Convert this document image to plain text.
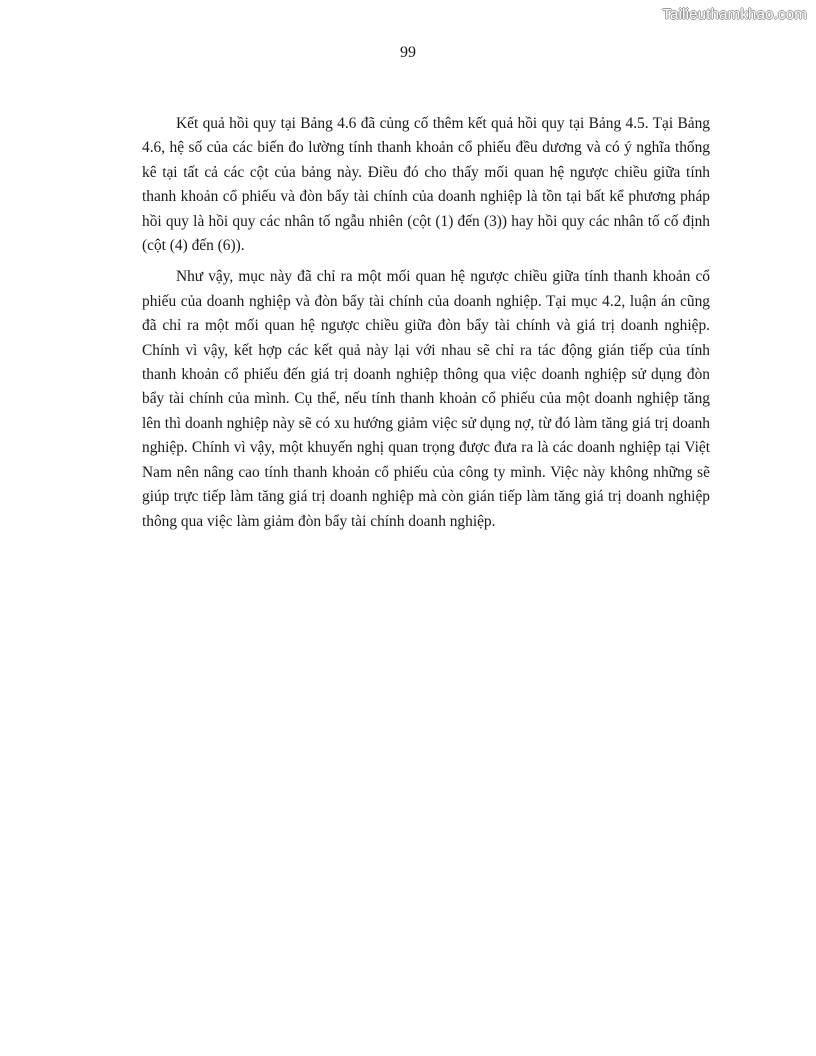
Tailieuthamkhao.com
99

Kết quả hồi quy tại Bảng 4.6 đã củng cố thêm kết quả hồi quy tại Bảng 4.5. Tại Bảng 4.6, hệ số của các biến đo lường tính thanh khoản cổ phiếu đều dương và có ý nghĩa thống kê tại tất cả các cột của bảng này. Điều đó cho thấy mối quan hệ ngược chiều giữa tính thanh khoản cổ phiếu và đòn bẩy tài chính của doanh nghiệp là tồn tại bất kể phương pháp hồi quy là hồi quy các nhân tố ngẫu nhiên (cột (1) đến (3)) hay hồi quy các nhân tố cố định (cột (4) đến (6)).

Như vậy, mục này đã chỉ ra một mối quan hệ ngược chiều giữa tính thanh khoản cổ phiếu của doanh nghiệp và đòn bẩy tài chính của doanh nghiệp. Tại mục 4.2, luận án cũng đã chỉ ra một mối quan hệ ngược chiều giữa đòn bẩy tài chính và giá trị doanh nghiệp. Chính vì vậy, kết hợp các kết quả này lại với nhau sẽ chỉ ra tác động gián tiếp của tính thanh khoản cổ phiếu đến giá trị doanh nghiệp thông qua việc doanh nghiệp sử dụng đòn bẩy tài chính của mình. Cụ thể, nếu tính thanh khoản cổ phiếu của một doanh nghiệp tăng lên thì doanh nghiệp này sẽ có xu hướng giảm việc sử dụng nợ, từ đó làm tăng giá trị doanh nghiệp. Chính vì vậy, một khuyến nghị quan trọng được đưa ra là các doanh nghiệp tại Việt Nam nên nâng cao tính thanh khoản cổ phiếu của công ty mình. Việc này không những sẽ giúp trực tiếp làm tăng giá trị doanh nghiệp mà còn gián tiếp làm tăng giá trị doanh nghiệp thông qua việc làm giảm đòn bẩy tài chính doanh nghiệp.
